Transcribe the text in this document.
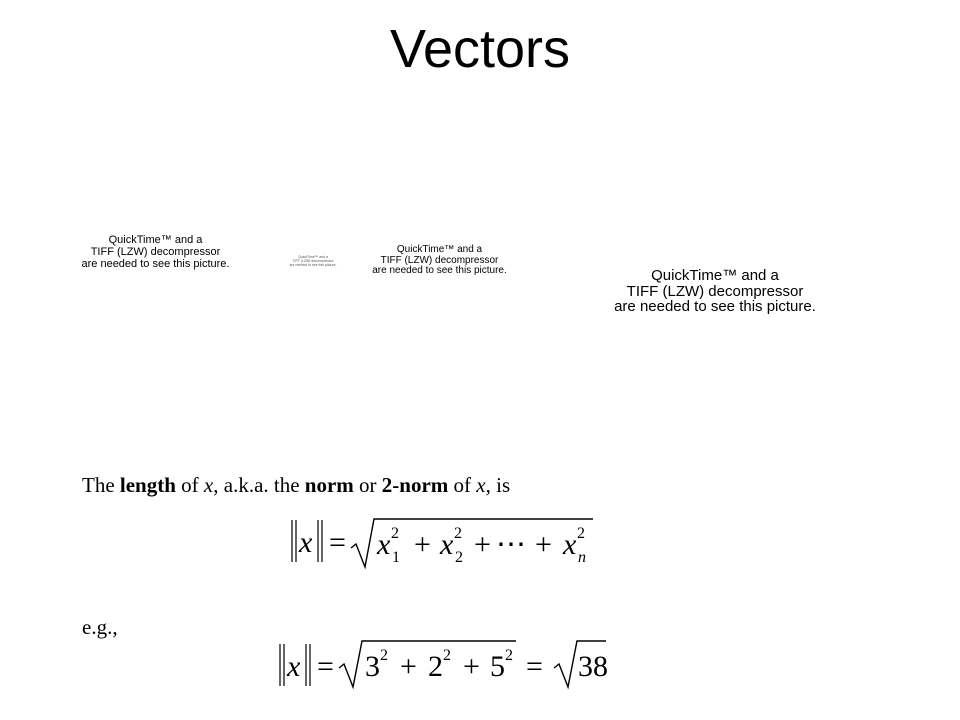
Vectors
QuickTime™ and a
TIFF (LZW) decompressor
are needed to see this picture.
QuickTime™ and a
TIFF (LZW) decompressor
are needed to see this picture.
QuickTime™ and a
TIFF (LZW) decompressor
are needed to see this picture.	QuickTime™ and a
TIFF (LZW) decompressor
are needed to see this picture.
The length of x, a.k.a. the norm or 2-norm of x, is
x = x 2
1 + x 2
2 + ⋯ + x 2
n
e.g.,
x = 3 2 + 2 2 + 5 2 = 38
